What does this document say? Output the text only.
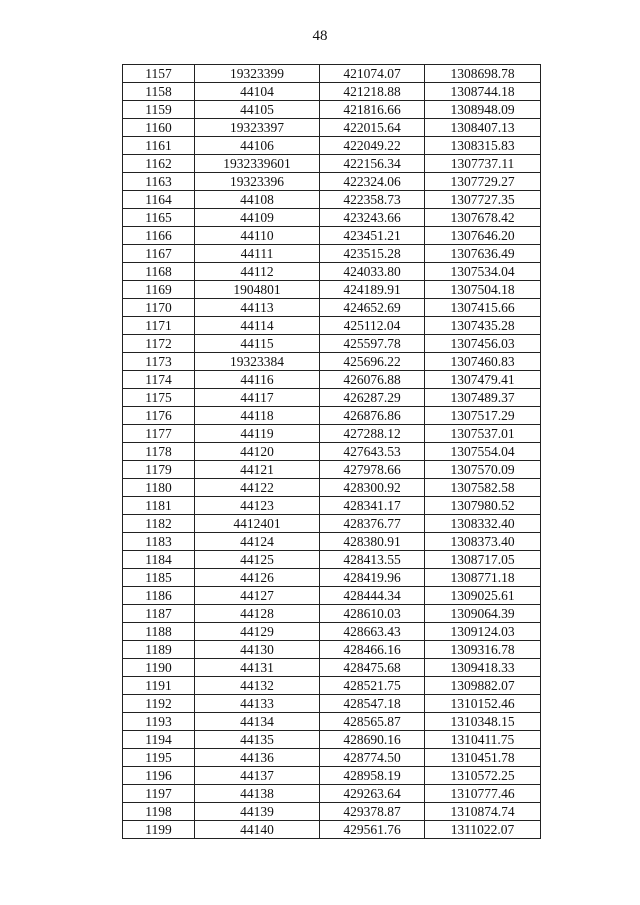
48
1157	19323399	421074.07	1308698.78
1158	44104	421218.88	1308744.18
1159	44105	421816.66	1308948.09
1160	19323397	422015.64	1308407.13
1161	44106	422049.22	1308315.83
1162	1932339601	422156.34	1307737.11
1163	19323396	422324.06	1307729.27
1164	44108	422358.73	1307727.35
1165	44109	423243.66	1307678.42
1166	44110	423451.21	1307646.20
1167	44111	423515.28	1307636.49
1168	44112	424033.80	1307534.04
1169	1904801	424189.91	1307504.18
1170	44113	424652.69	1307415.66
1171	44114	425112.04	1307435.28
1172	44115	425597.78	1307456.03
1173	19323384	425696.22	1307460.83
1174	44116	426076.88	1307479.41
1175	44117	426287.29	1307489.37
1176	44118	426876.86	1307517.29
1177	44119	427288.12	1307537.01
1178	44120	427643.53	1307554.04
1179	44121	427978.66	1307570.09
1180	44122	428300.92	1307582.58
1181	44123	428341.17	1307980.52
1182	4412401	428376.77	1308332.40
1183	44124	428380.91	1308373.40
1184	44125	428413.55	1308717.05
1185	44126	428419.96	1308771.18
1186	44127	428444.34	1309025.61
1187	44128	428610.03	1309064.39
1188	44129	428663.43	1309124.03
1189	44130	428466.16	1309316.78
1190	44131	428475.68	1309418.33
1191	44132	428521.75	1309882.07
1192	44133	428547.18	1310152.46
1193	44134	428565.87	1310348.15
1194	44135	428690.16	1310411.75
1195	44136	428774.50	1310451.78
1196	44137	428958.19	1310572.25
1197	44138	429263.64	1310777.46
1198	44139	429378.87	1310874.74
1199	44140	429561.76	1311022.07
